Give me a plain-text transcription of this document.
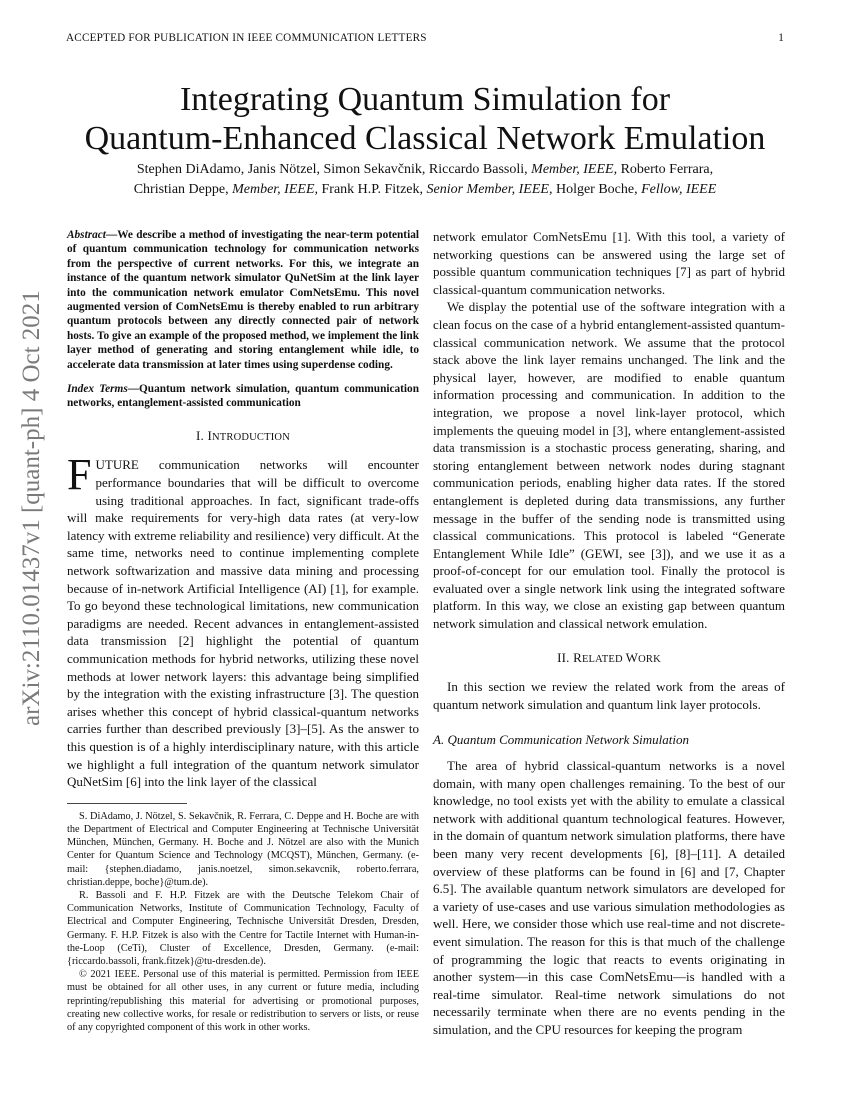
ACCEPTED FOR PUBLICATION IN IEEE COMMUNICATION LETTERS	1
arXiv:2110.01437v1 [quant-ph] 4 Oct 2021
Integrating Quantum Simulation for
Quantum-Enhanced Classical Network Emulation
Stephen DiAdamo, Janis Nötzel, Simon Sekavčnik, Riccardo Bassoli, Member, IEEE, Roberto Ferrara,
Christian Deppe, Member, IEEE, Frank H.P. Fitzek, Senior Member, IEEE, Holger Boche, Fellow, IEEE
Abstract—We describe a method of investigating the near-term potential of quantum communication technology for communication networks from the perspective of current networks. For this, we integrate an instance of the quantum network simulator QuNetSim at the link layer into the communication network emulator ComNetsEmu. This novel augmented version of ComNetsEmu is thereby enabled to run arbitrary quantum protocols between any directly connected pair of network hosts. To give an example of the proposed method, we implement the link layer method of generating and storing entanglement while idle, to accelerate data transmission at later times using superdense coding.
Index Terms—Quantum network simulation, quantum communication networks, entanglement-assisted communication
I. INTRODUCTION

FUTURE communication networks will encounter performance boundaries that will be difficult to overcome using traditional approaches. In fact, significant trade-offs will make requirements for very-high data rates (at very-low latency with extreme reliability and resilience) very difficult. At the same time, networks need to continue implementing complete network softwarization and massive data mining and processing because of in-network Artificial Intelligence (AI) [1], for example. To go beyond these technological limitations, new communication paradigms are needed. Recent advances in entanglement-assisted data transmission [2] highlight the potential of quantum communication methods for hybrid networks, utilizing these novel methods at lower network layers: this advantage being simplified by the integration with the existing infrastructure [3]. The question arises whether this concept of hybrid classical-quantum networks carries further than described previously [3]–[5]. As the answer to this question is of a highly interdisciplinary nature, with this article we highlight a full integration of the quantum network simulator QuNetSim [6] into the link layer of the classical

S. DiAdamo, J. Nötzel, S. Sekavčnik, R. Ferrara, C. Deppe and H. Boche are with the Department of Electrical and Computer Engineering at Technische Universität München, München, Germany. H. Boche and J. Nötzel are also with the Munich Center for Quantum Science and Technology (MCQST), München, Germany. (e-mail: {stephen.diadamo, janis.noetzel, simon.sekavcnik, roberto.ferrara, christian.deppe, boche}@tum.de).

R. Bassoli and F. H.P. Fitzek are with the Deutsche Telekom Chair of Communication Networks, Institute of Communication Technology, Faculty of Electrical and Computer Engineering, Technische Universität Dresden, Dresden, Germany. F. H.P. Fitzek is also with the Centre for Tactile Internet with Human-in-the-Loop (CeTi), Cluster of Excellence, Dresden, Germany. (e-mail: {riccardo.bassoli, frank.fitzek}@tu-dresden.de).

© 2021 IEEE. Personal use of this material is permitted. Permission from IEEE must be obtained for all other uses, in any current or future media, including reprinting/republishing this material for advertising or promotional purposes, creating new collective works, for resale or redistribution to servers or lists, or reuse of any copyrighted component of this work in other works.

network emulator ComNetsEmu [1]. With this tool, a variety of networking questions can be answered using the large set of possible quantum communication techniques [7] as part of hybrid classical-quantum communication networks.

We display the potential use of the software integration with a clean focus on the case of a hybrid entanglement-assisted quantum-classical communication network. We assume that the protocol stack above the link layer remains unchanged. The link and the physical layer, however, are modified to enable quantum information processing and communication. In addition to the integration, we propose a novel link-layer protocol, which implements the queuing model in [3], where entanglement-assisted data transmission is a stochastic process generating, sharing, and storing entanglement between network nodes during stagnant communication periods, enabling higher data rates. If the stored entanglement is depleted during data transmissions, any further message in the buffer of the sending node is transmitted using classical communications. This protocol is labeled “Generate Entanglement While Idle” (GEWI, see [3]), and we use it as a proof-of-concept for our emulation tool. Finally the protocol is evaluated over a single network link using the integrated software platform. In this way, we close an existing gap between quantum network simulation and classical network emulation.

II. RELATED WORK

In this section we review the related work from the areas of quantum network simulation and quantum link layer protocols.

A. Quantum Communication Network Simulation

The area of hybrid classical-quantum networks is a novel domain, with many open challenges remaining. To the best of our knowledge, no tool exists yet with the ability to emulate a classical network with additional quantum technological features. However, in the domain of quantum network simulation platforms, there have been many very recent developments [6], [8]–[11]. A detailed overview of these platforms can be found in [6] and [7, Chapter 6.5]. The available quantum network simulators are developed for a variety of use-cases and use various simulation methodologies as well. Here, we consider those which use real-time and not discrete-event simulation. The reason for this is that much of the challenge of programming the logic that reacts to events originating in another system—in this case ComNetsEmu—is handled with a real-time simulator. Real-time network simulations do not necessarily terminate when there are no events pending in the simulation, and the CPU resources for keeping the program
